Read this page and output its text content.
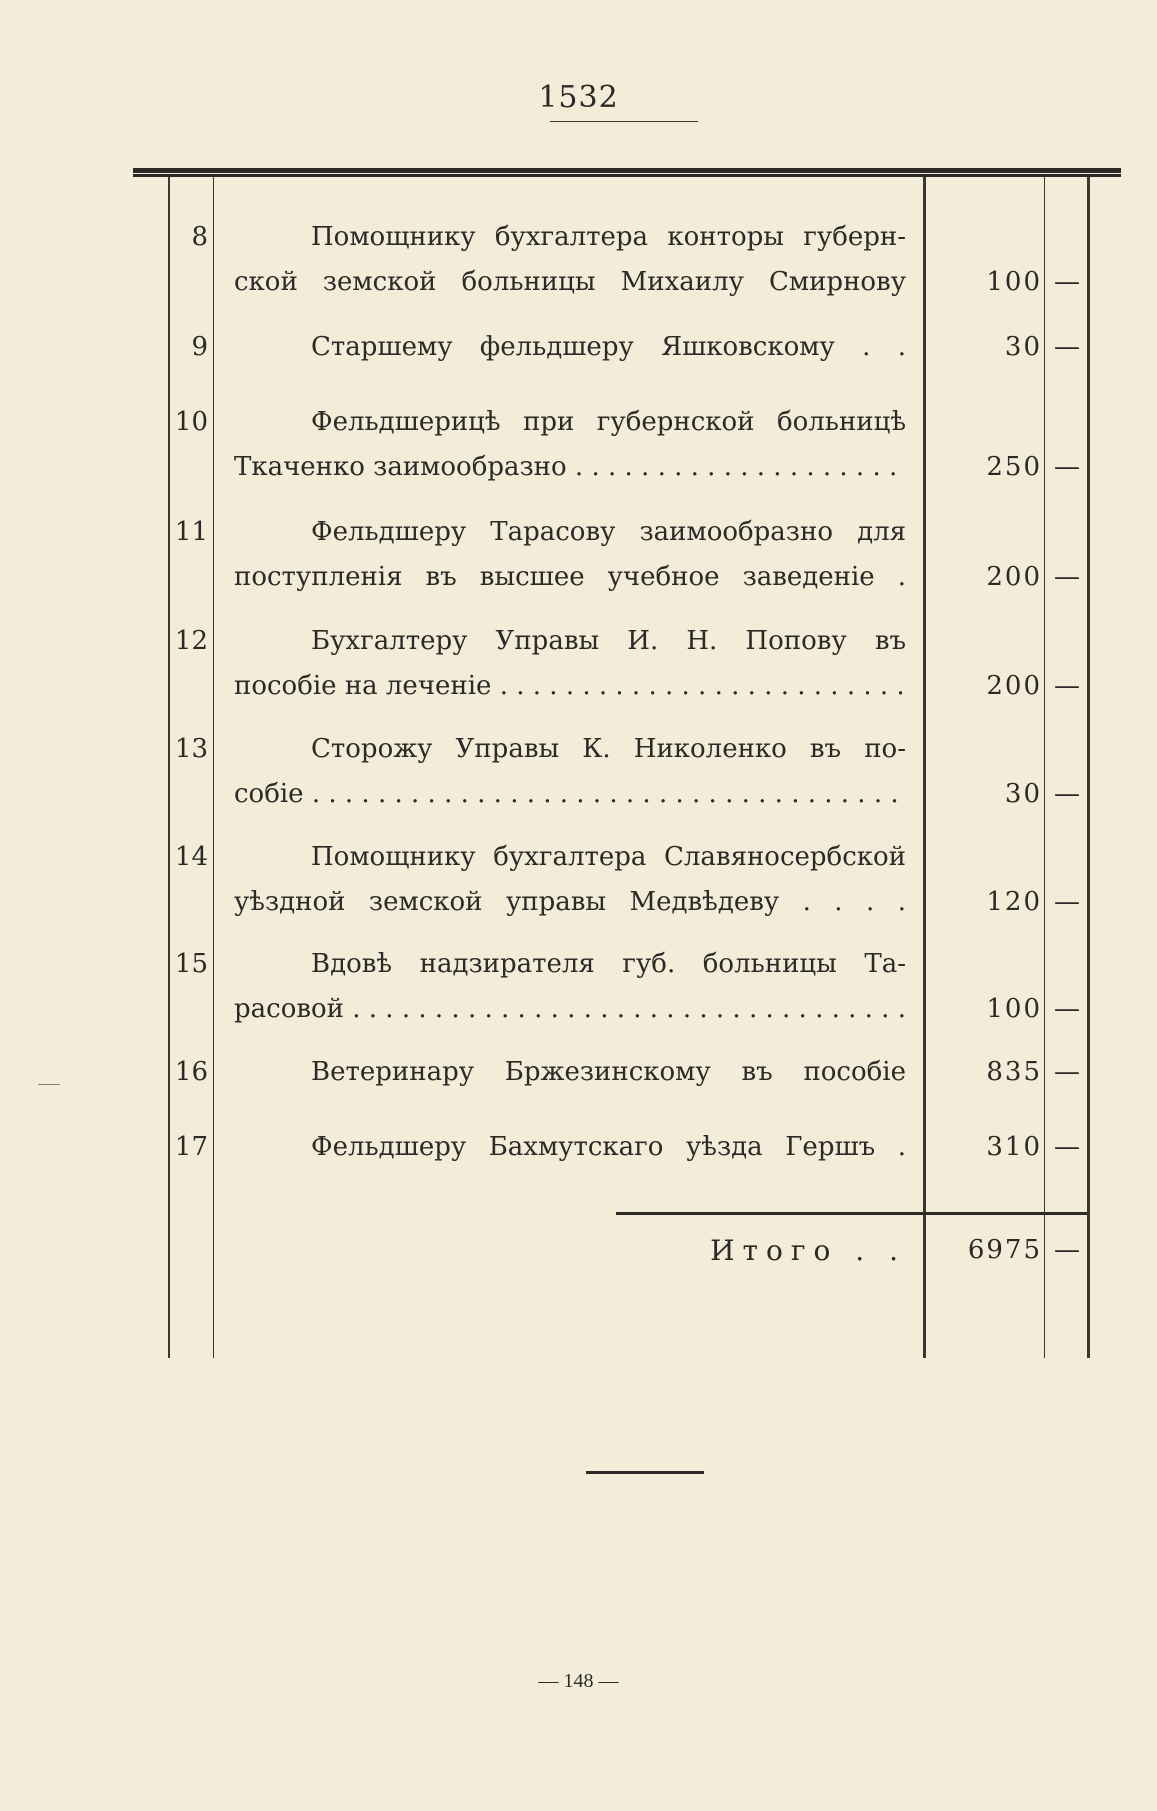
1532
8	Помощнику бухгалтера конторы губерн-

ской земской больницы Михаилу Смирнову	100 —
9	Старшему фельдшеру Яшковскому . .	30 —
10	Фельдшерицѣ при губернской больницѣ

Ткаченко заимообразно . . .	250 —
11	Фельдшеру Тарасову заимообразно для

поступленія въ высшее учебное заведеніе .	200 —
12	Бухгалтеру Управы И. Н. Попову въ

пособіе на леченіе . . .	200 —
13	Сторожу Управы К. Николенко въ по-

собіе . . .	30 —
14	Помощнику бухгалтера Славяносербской

уѣздной земской управы Медвѣдеву . . . .	120 —
15	Вдовѣ надзирателя губ. больницы Та-

расовой . . .	100 —
16	Ветеринару Бржезинскому въ пособіе	835 —
17	Фельдшеру Бахмутскаго уѣзда Гершъ .	310 —
Итого . .	6975 —
— 148 —
